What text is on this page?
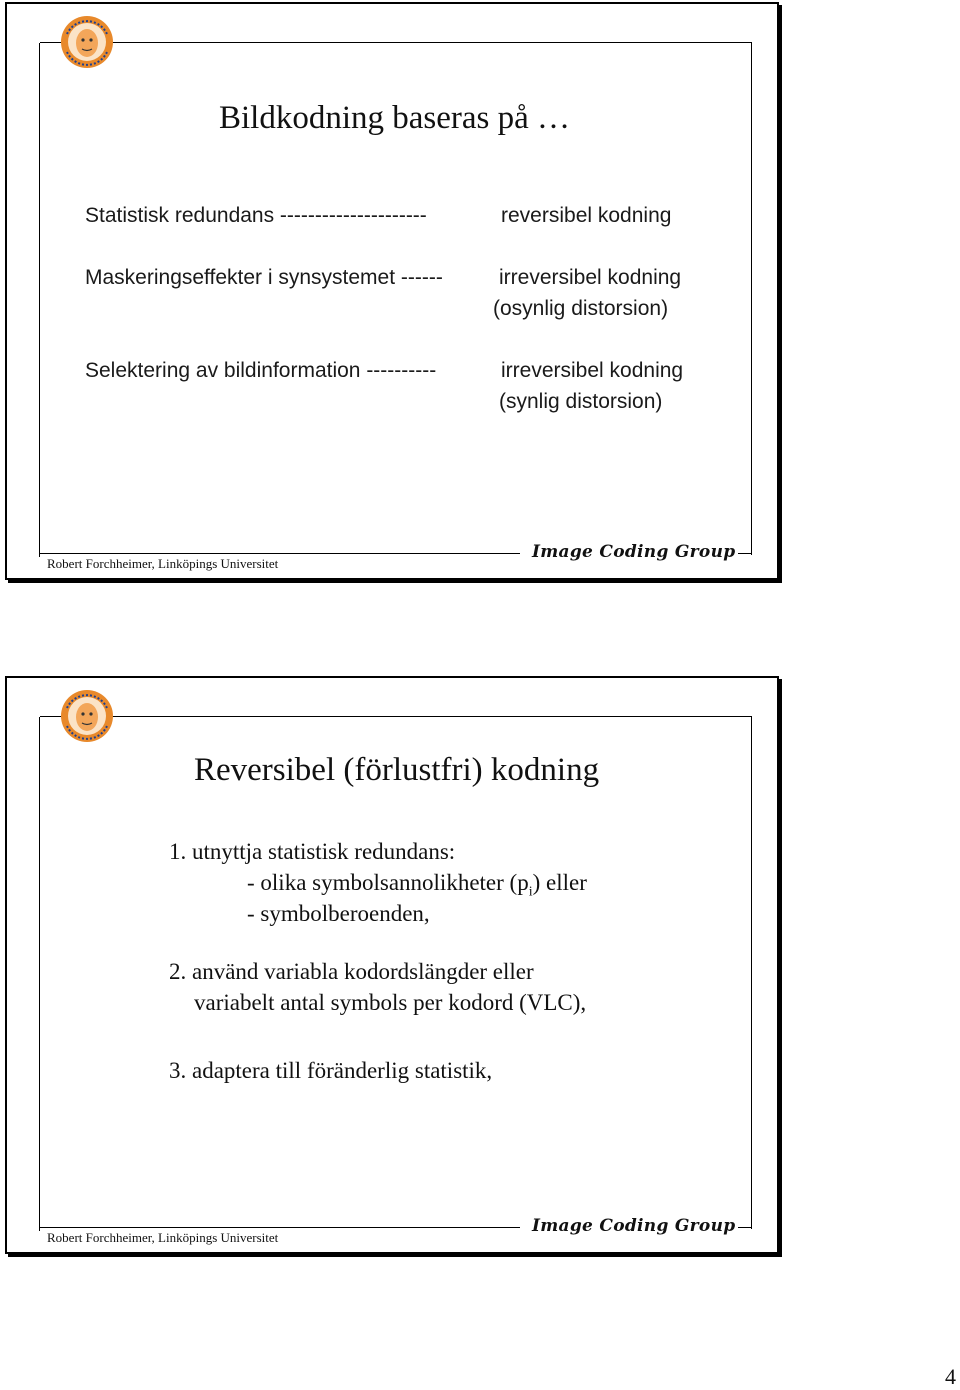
Bildkodning baseras på …
Statistisk redundans ---------------------	reversibel kodning
Maskeringseffekter i synsystemet ------	irreversibel kodning
(osynlig distorsion)
Selektering av bildinformation ----------	irreversibel kodning
(synlig distorsion)
Robert Forchheimer, Linköpings Universitet
Image Coding Group
Reversibel (förlustfri) kodning
1. utnyttja statistisk redundans:
- olika symbolsannolikheter $(p_i)$ eller
- symbolberoenden,
2. använd variabla kodordslängder eller
variabelt antal symbols per kodord (VLC),
3. adaptera till föränderlig statistik,
Robert Forchheimer, Linköpings Universitet
Image Coding Group
4
